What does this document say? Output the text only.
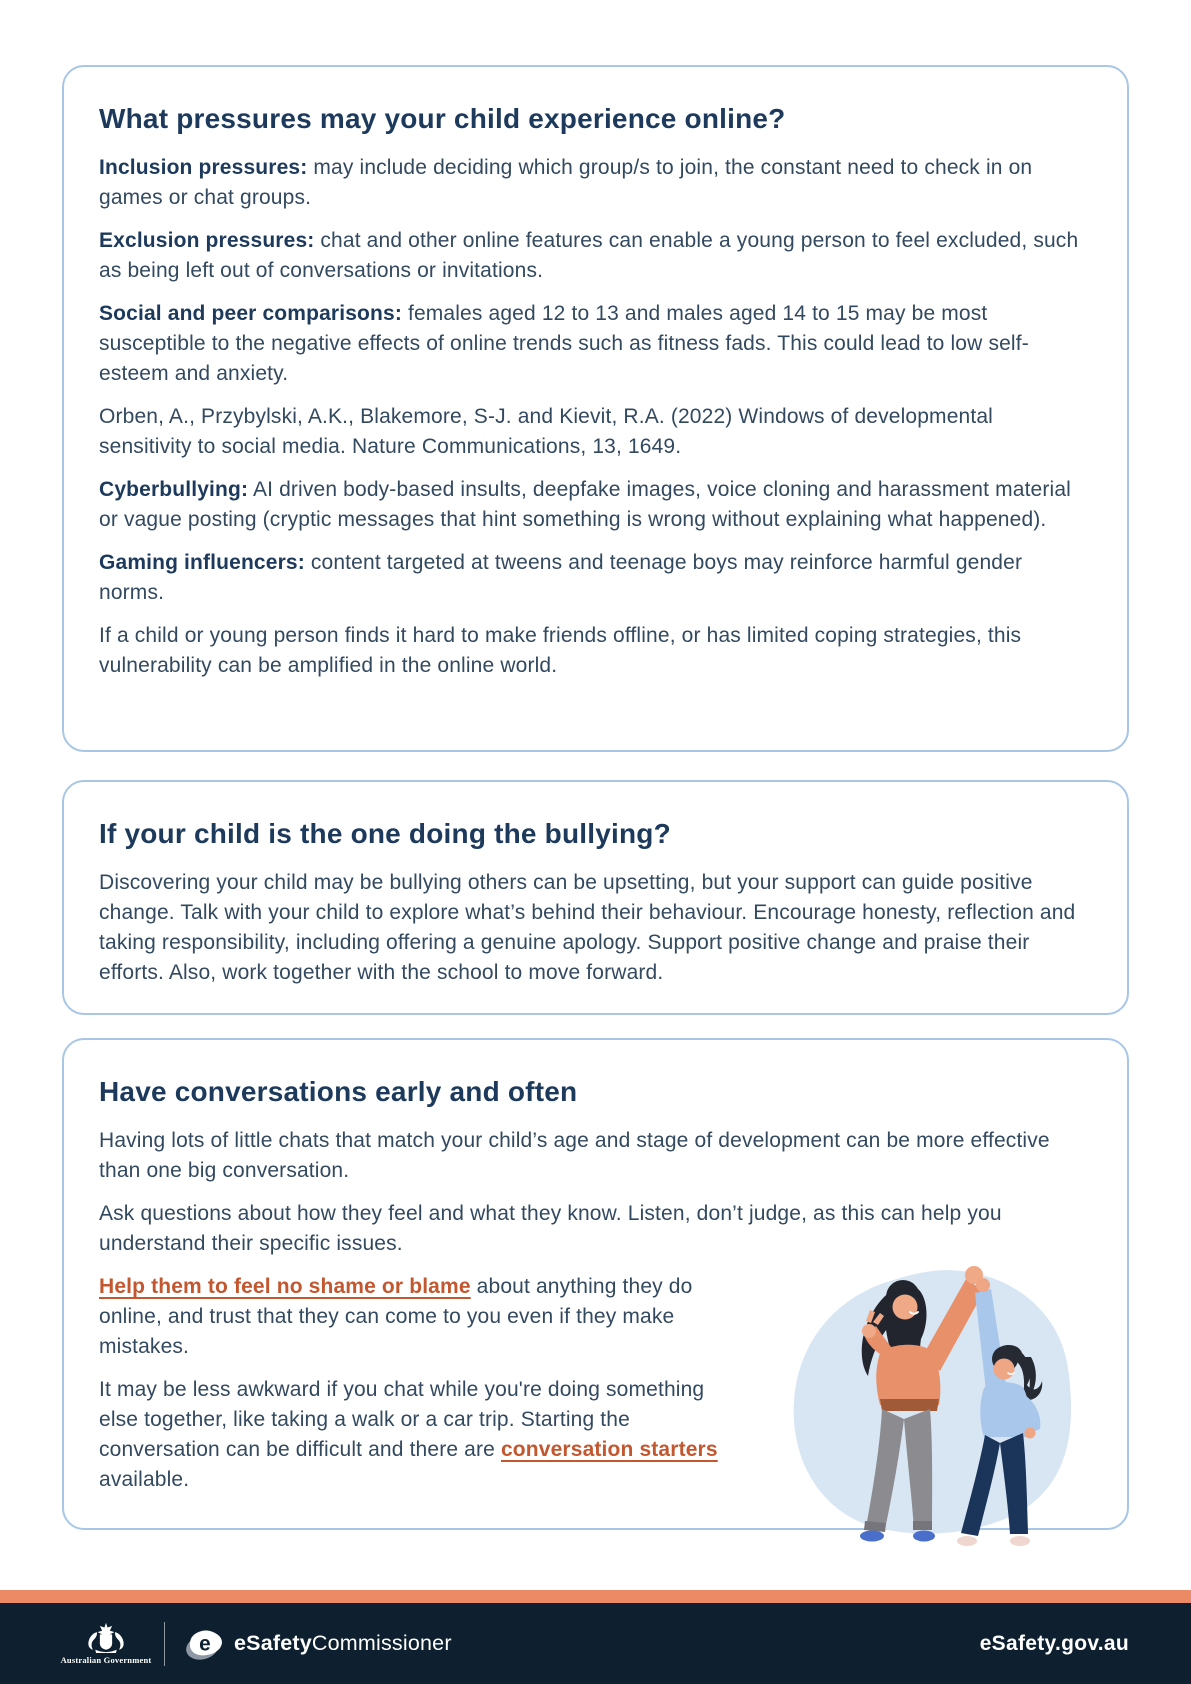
What pressures may your child experience online?

Inclusion pressures: may include deciding which group/s to join, the constant need to check in on games or chat groups.

Exclusion pressures: chat and other online features can enable a young person to feel excluded, such as being left out of conversations or invitations.

Social and peer comparisons: females aged 12 to 13 and males aged 14 to 15 may be most susceptible to the negative effects of online trends such as fitness fads. This could lead to low self-esteem and anxiety.

Orben, A., Przybylski, A.K., Blakemore, S-J. and Kievit, R.A. (2022) Windows of developmental sensitivity to social media. Nature Communications, 13, 1649.

Cyberbullying: AI driven body-based insults, deepfake images, voice cloning and harassment material or vague posting (cryptic messages that hint something is wrong without explaining what happened).

Gaming influencers: content targeted at tweens and teenage boys may reinforce harmful gender norms.

If a child or young person finds it hard to make friends offline, or has limited coping strategies, this vulnerability can be amplified in the online world.

If your child is the one doing the bullying?

Discovering your child may be bullying others can be upsetting, but your support can guide positive change. Talk with your child to explore what’s behind their behaviour. Encourage honesty, reflection and taking responsibility, including offering a genuine apology. Support positive change and praise their efforts. Also, work together with the school to move forward.

Have conversations early and often

Having lots of little chats that match your child’s age and stage of development can be more effective than one big conversation.

Ask questions about how they feel and what they know. Listen, don’t judge, as this can help you understand their specific issues.

Help them to feel no shame or blame about anything they do online, and trust that they can come to you even if they make mistakes.

It may be less awkward if you chat while you're doing something else together, like taking a walk or a car trip. Starting the conversation can be difficult and there are conversation starters available.

Australian Government
e eSafetyCommissioner	eSafety.gov.au
